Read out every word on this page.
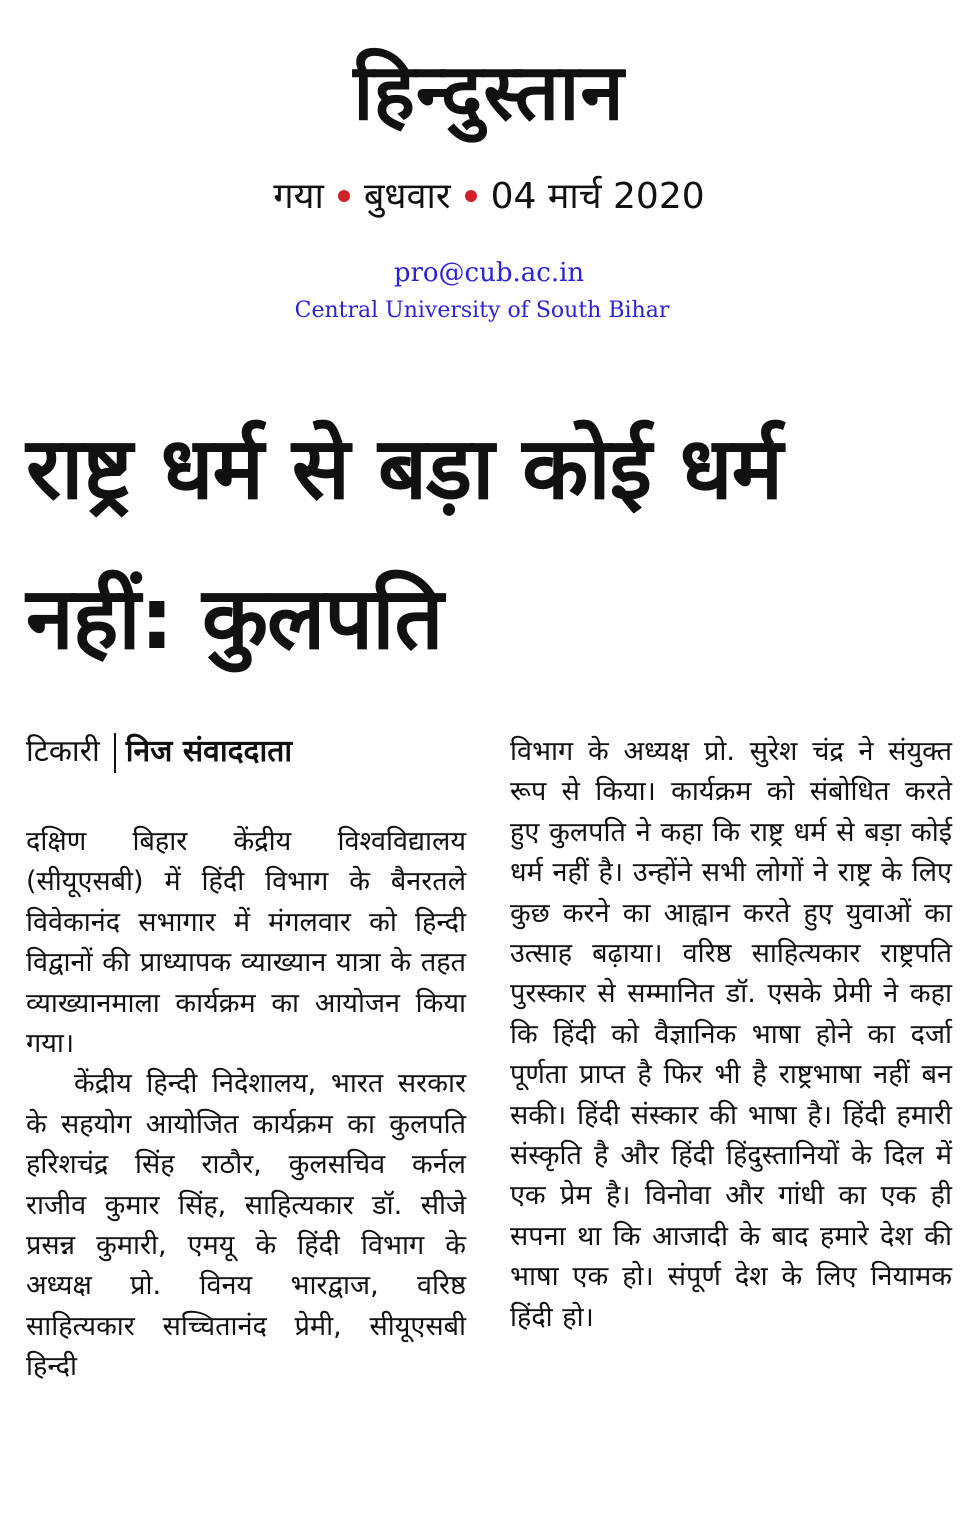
हिन्दुस्तान
गया बुधवार 04 मार्च 2020
pro@cub.ac.in
Central University of South Bihar
राष्ट्र धर्म से बड़ा कोई धर्म
नहीं: कुलपति
टिकारी निज संवाददाता

दक्षिण बिहार केंद्रीय विश्वविद्यालय (सीयूएसबी) में हिंदी विभाग के बैनरतले विवेकानंद सभागार में मंगलवार को हिन्दी विद्वानों की प्राध्यापक व्याख्यान यात्रा के तहत व्याख्यानमाला कार्यक्रम का आयोजन किया गया।

केंद्रीय हिन्दी निदेशालय, भारत सरकार के सहयोग आयोजित कार्यक्रम का कुलपति हरिशचंद्र सिंह राठौर, कुलसचिव कर्नल राजीव कुमार सिंह, साहित्यकार डॉ. सीजे प्रसन्न कुमारी, एमयू के हिंदी विभाग के अध्यक्ष प्रो. विनय भारद्वाज, वरिष्ठ साहित्यकार सच्चितानंद प्रेमी, सीयूएसबी हिन्दी

विभाग के अध्यक्ष प्रो. सुरेश चंद्र ने संयुक्त रूप से किया। कार्यक्रम को संबोधित करते हुए कुलपति ने कहा कि राष्ट्र धर्म से बड़ा कोई धर्म नहीं है। उन्होंने सभी लोगों ने राष्ट्र के लिए कुछ करने का आह्वान करते हुए युवाओं का उत्साह बढ़ाया। वरिष्ठ साहित्यकार राष्ट्रपति पुरस्कार से सम्मानित डॉ. एसके प्रेमी ने कहा कि हिंदी को वैज्ञानिक भाषा होने का दर्जा पूर्णता प्राप्त है फिर भी है राष्ट्रभाषा नहीं बन सकी। हिंदी संस्कार की भाषा है। हिंदी हमारी संस्कृति है और हिंदी हिंदुस्तानियों के दिल में एक प्रेम है। विनोवा और गांधी का एक ही सपना था कि आजादी के बाद हमारे देश की भाषा एक हो। संपूर्ण देश के लिए नियामक हिंदी हो।
